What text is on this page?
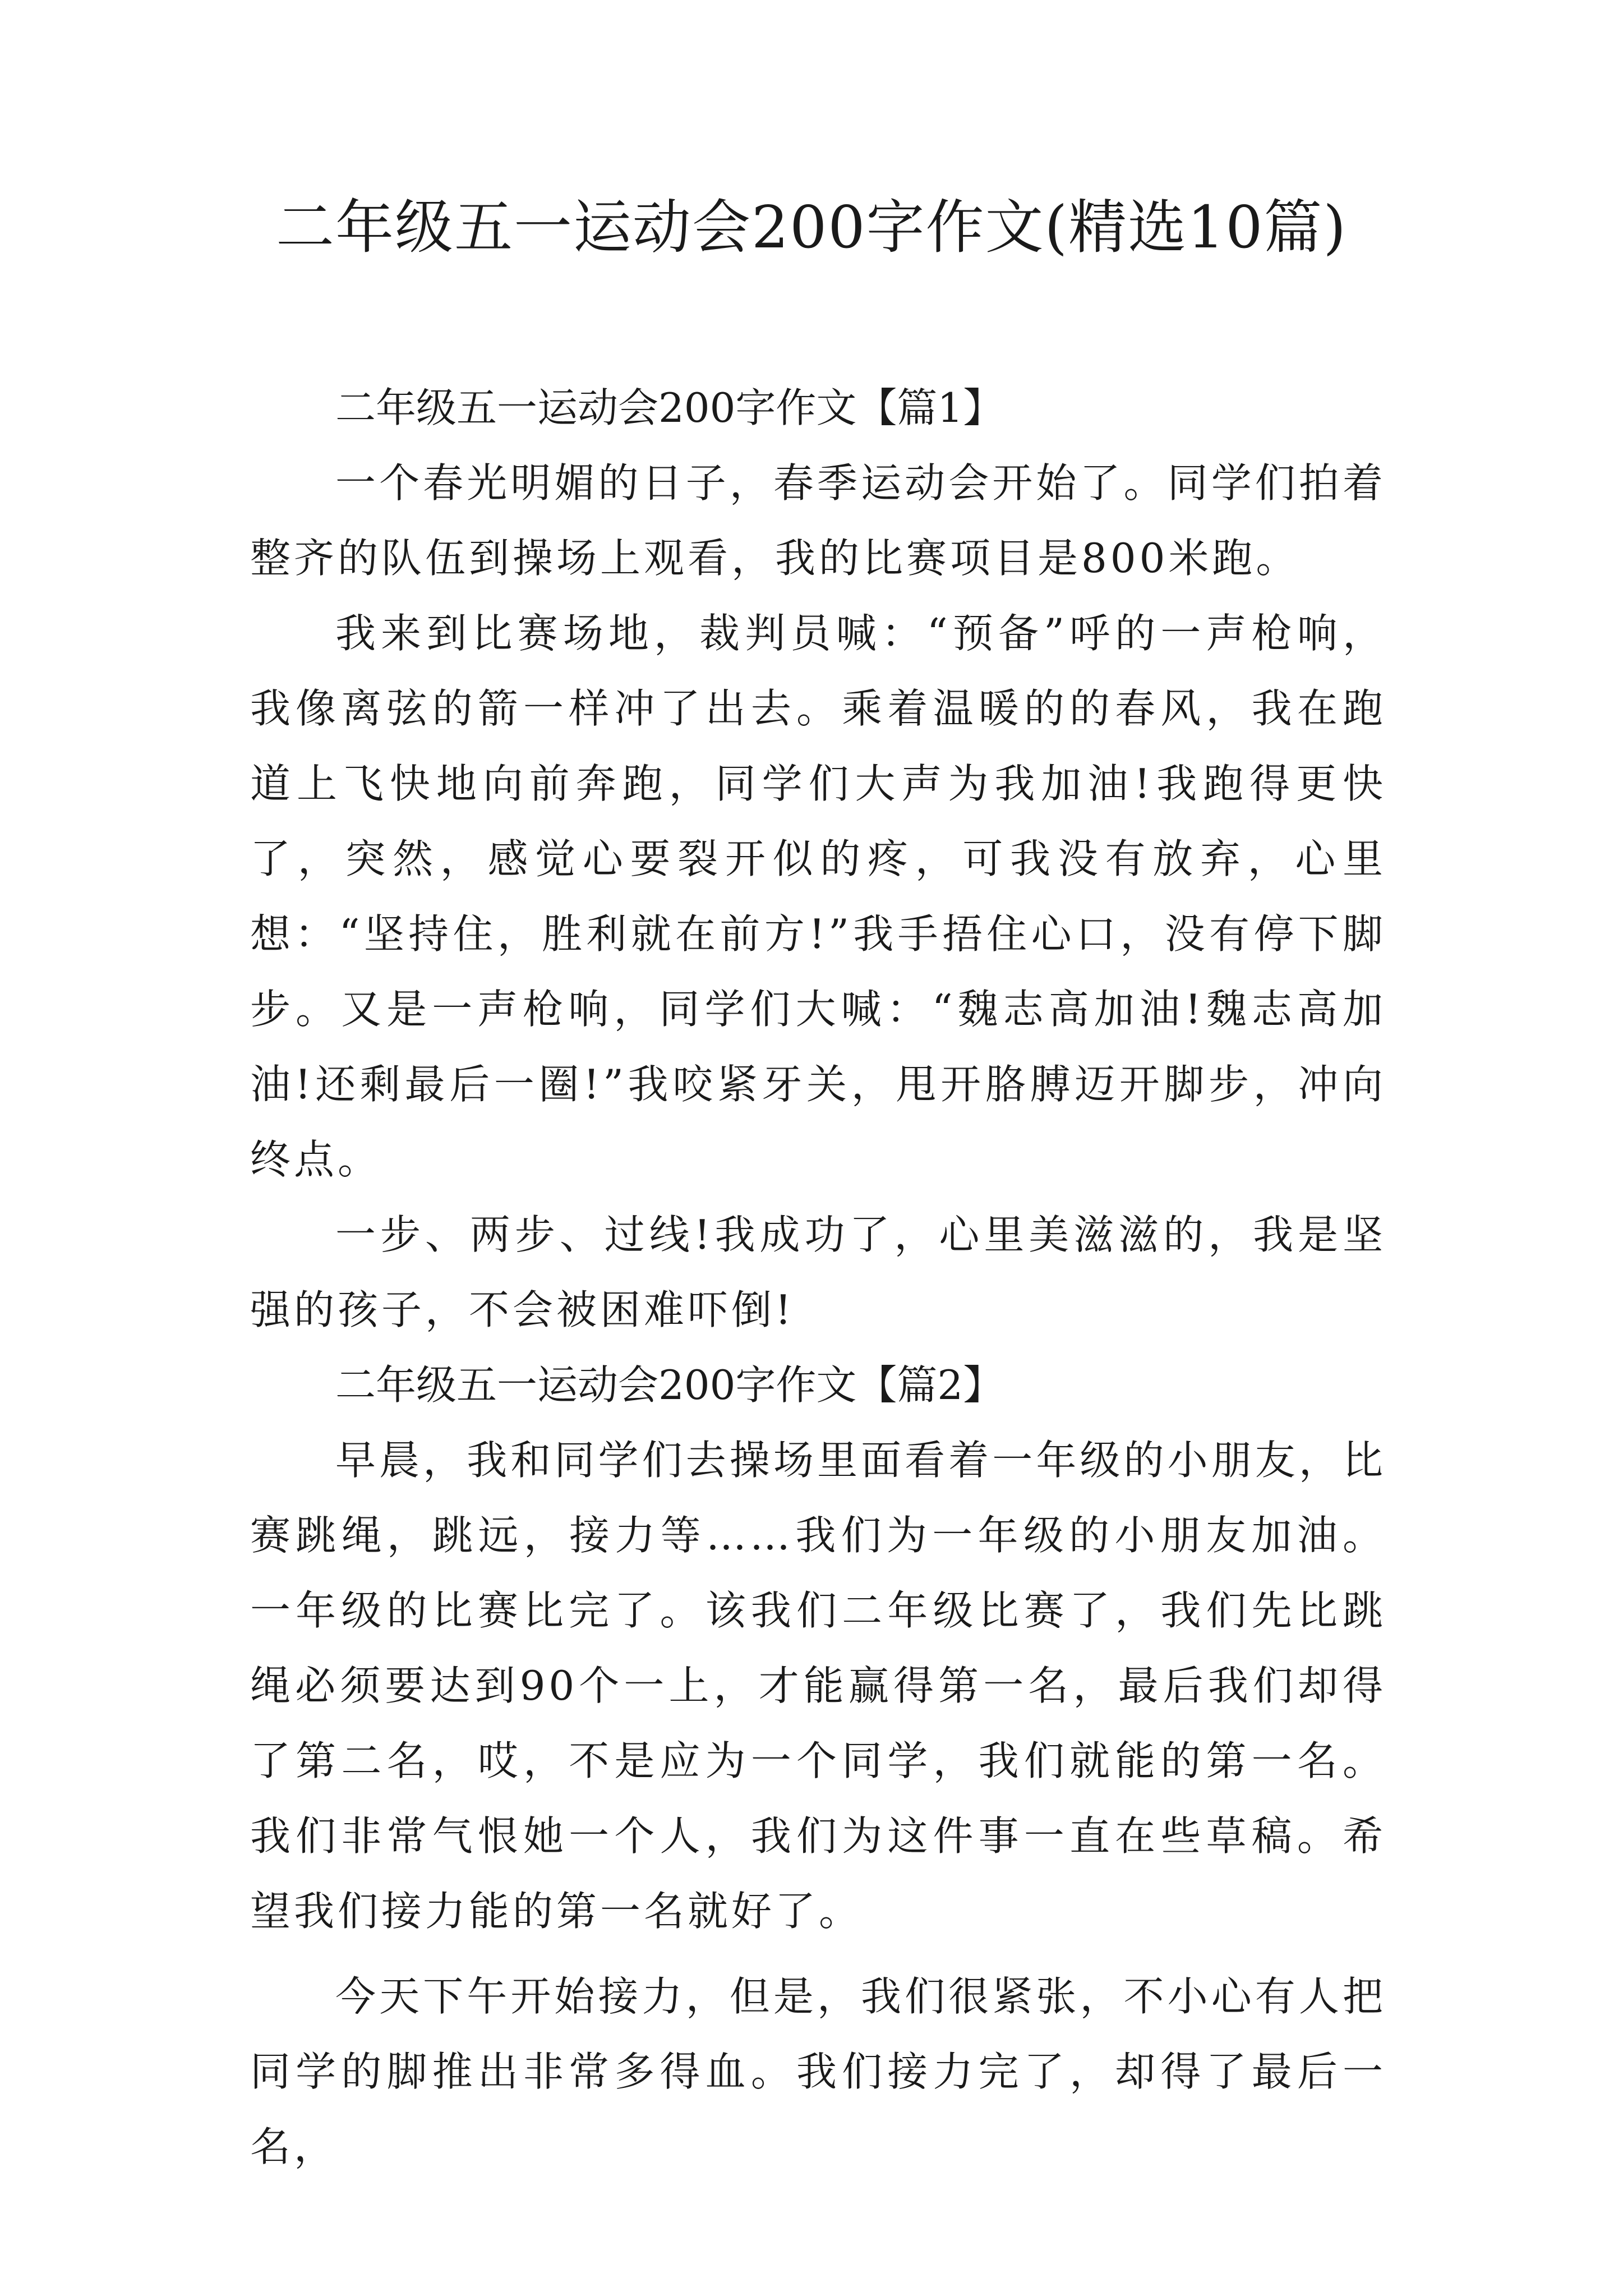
二年级五一运动会200字作文(精选10篇)

二年级五一运动会200字作文【篇1】

一个春光明媚的日子，春季运动会开始了。同学们拍着整齐的队伍到操场上观看，我的比赛项目是800米跑。

我来到比赛场地，裁判员喊：“预备”呼的一声枪响，我像离弦的箭一样冲了出去。乘着温暖的的春风，我在跑道上飞快地向前奔跑，同学们大声为我加油!我跑得更快了，突然，感觉心要裂开似的疼，可我没有放弃，心里想：“坚持住，胜利就在前方!”我手捂住心口，没有停下脚步。又是一声枪响，同学们大喊：“魏志高加油!魏志高加油!还剩最后一圈!”我咬紧牙关，甩开胳膊迈开脚步，冲向终点。

一步、两步、过线!我成功了，心里美滋滋的，我是坚强的孩子，不会被困难吓倒!

二年级五一运动会200字作文【篇2】

早晨，我和同学们去操场里面看着一年级的小朋友，比赛跳绳，跳远，接力等……我们为一年级的小朋友加油。一年级的比赛比完了。该我们二年级比赛了，我们先比跳绳必须要达到90个一上，才能赢得第一名，最后我们却得了第二名，哎，不是应为一个同学，我们就能的第一名。我们非常气恨她一个人，我们为这件事一直在些草稿。希望我们接力能的第一名就好了。

今天下午开始接力，但是，我们很紧张，不小心有人把同学的脚推出非常多得血。我们接力完了，却得了最后一名，
